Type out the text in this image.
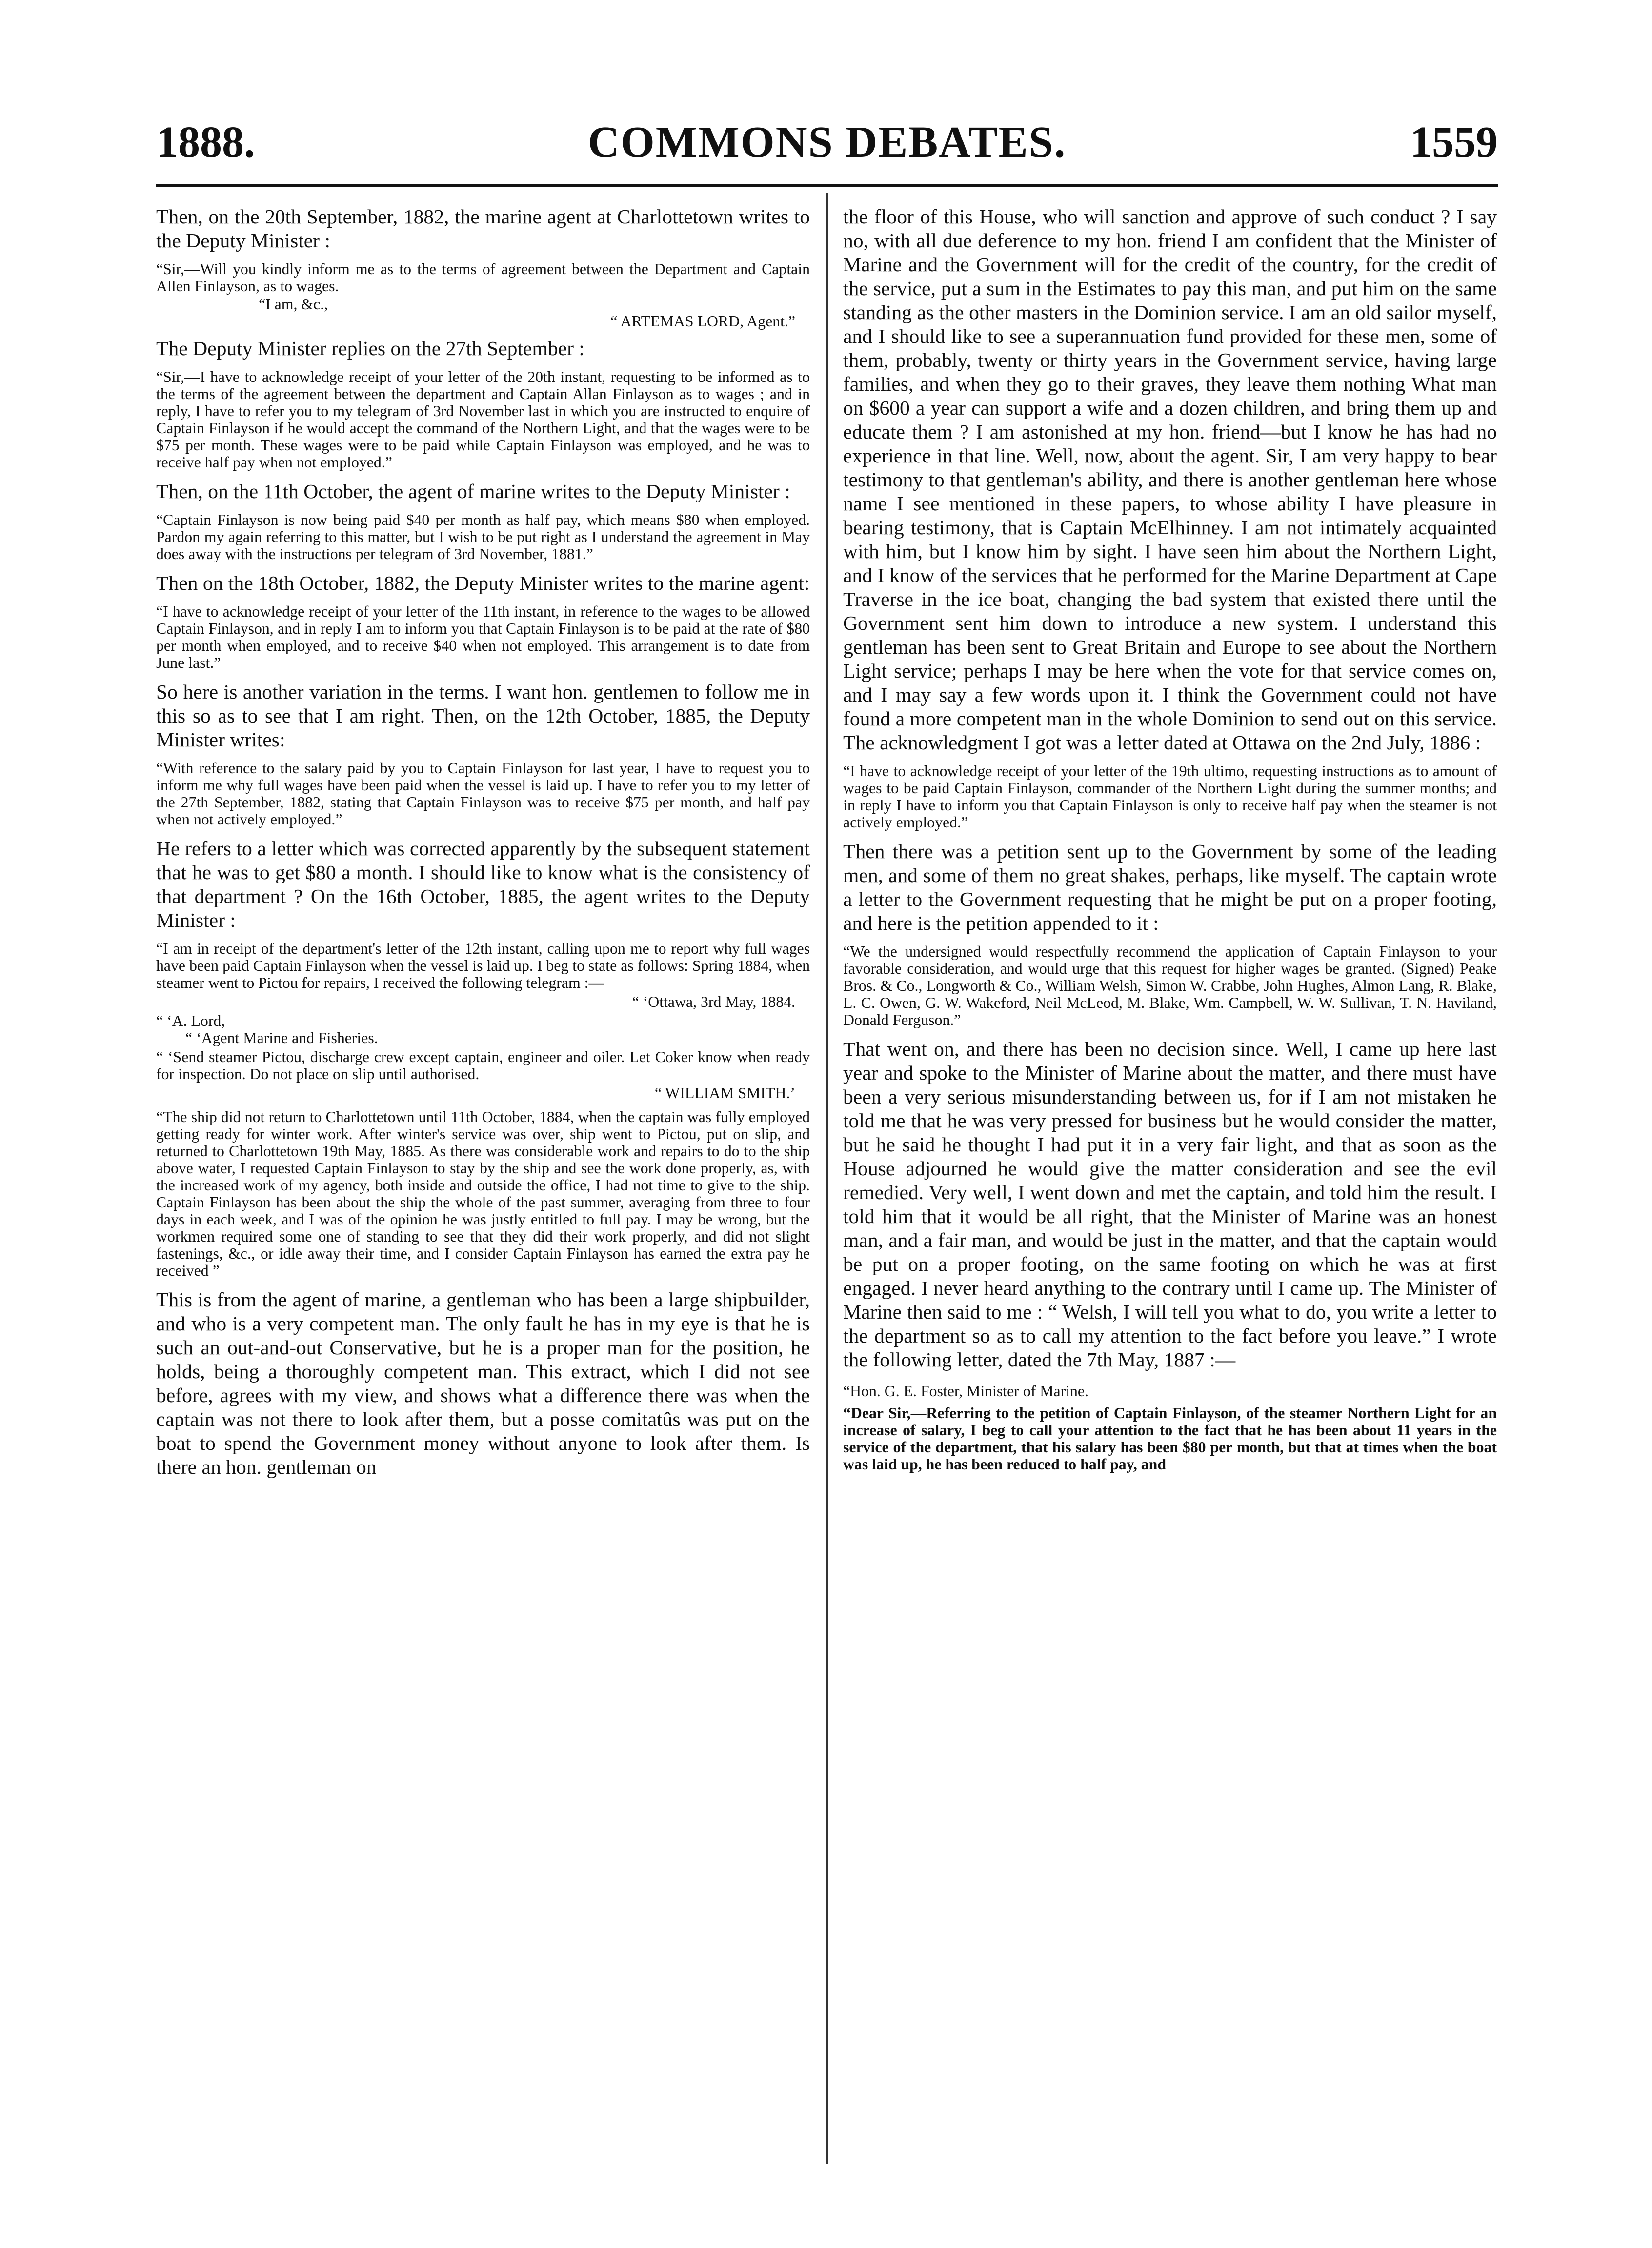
1888.	COMMONS DEBATES.	1559

Then, on the 20th September, 1882, the marine agent at Charlottetown writes to the Deputy Minister :

“Sir,—Will you kindly inform me as to the terms of agreement between the Department and Captain Allen Finlayson, as to wages.

“I am, &c.,

“ ARTEMAS LORD, Agent.”

The Deputy Minister replies on the 27th September :

“Sir,—I have to acknowledge receipt of your letter of the 20th instant, requesting to be informed as to the terms of the agreement between the department and Captain Allan Finlayson as to wages ; and in reply, I have to refer you to my telegram of 3rd November last in which you are instructed to enquire of Captain Finlayson if he would accept the command of the Northern Light, and that the wages were to be $75 per month. These wages were to be paid while Captain Finlayson was employed, and he was to receive half pay when not employed.”

Then, on the 11th October, the agent of marine writes to the Deputy Minister :

“Captain Finlayson is now being paid $40 per month as half pay, which means $80 when employed. Pardon my again referring to this matter, but I wish to be put right as I understand the agreement in May does away with the instructions per telegram of 3rd November, 1881.”

Then on the 18th October, 1882, the Deputy Minister writes to the marine agent:

“I have to acknowledge receipt of your letter of the 11th instant, in reference to the wages to be allowed Captain Finlayson, and in reply I am to inform you that Captain Finlayson is to be paid at the rate of $80 per month when employed, and to receive $40 when not employed. This arrangement is to date from June last.”

So here is another variation in the terms. I want hon. gentlemen to follow me in this so as to see that I am right. Then, on the 12th October, 1885, the Deputy Minister writes:

“With reference to the salary paid by you to Captain Finlayson for last year, I have to request you to inform me why full wages have been paid when the vessel is laid up. I have to refer you to my letter of the 27th September, 1882, stating that Captain Finlayson was to receive $75 per month, and half pay when not actively employed.”

He refers to a letter which was corrected apparently by the subsequent statement that he was to get $80 a month. I should like to know what is the consistency of that department ? On the 16th October, 1885, the agent writes to the Deputy Minister :

“I am in receipt of the department's letter of the 12th instant, calling upon me to report why full wages have been paid Captain Finlayson when the vessel is laid up. I beg to state as follows: Spring 1884, when steamer went to Pictou for repairs, I received the following telegram :—

“ ‘Ottawa, 3rd May, 1884.

“ ‘A. Lord,

“ ‘Agent Marine and Fisheries.

“ ‘Send steamer Pictou, discharge crew except captain, engineer and oiler. Let Coker know when ready for inspection. Do not place on slip until authorised.

“ WILLIAM SMITH.’

“The ship did not return to Charlottetown until 11th October, 1884, when the captain was fully employed getting ready for winter work. After winter's service was over, ship went to Pictou, put on slip, and returned to Charlottetown 19th May, 1885. As there was considerable work and repairs to do to the ship above water, I requested Captain Finlayson to stay by the ship and see the work done properly, as, with the increased work of my agency, both inside and outside the office, I had not time to give to the ship. Captain Finlayson has been about the ship the whole of the past summer, averaging from three to four days in each week, and I was of the opinion he was justly entitled to full pay. I may be wrong, but the workmen required some one of standing to see that they did their work properly, and did not slight fastenings, &c., or idle away their time, and I consider Captain Finlayson has earned the extra pay he received ”

This is from the agent of marine, a gentleman who has been a large shipbuilder, and who is a very competent man. The only fault he has in my eye is that he is such an out-and-out Conservative, but he is a proper man for the position, he holds, being a thoroughly competent man. This extract, which I did not see before, agrees with my view, and shows what a difference there was when the captain was not there to look after them, but a posse comitatûs was put on the boat to spend the Government money without anyone to look after them. Is there an hon. gentleman on

the floor of this House, who will sanction and approve of such conduct ? I say no, with all due deference to my hon. friend I am confident that the Minister of Marine and the Government will for the credit of the country, for the credit of the service, put a sum in the Estimates to pay this man, and put him on the same standing as the other masters in the Dominion service. I am an old sailor myself, and I should like to see a superannuation fund provided for these men, some of them, probably, twenty or thirty years in the Government service, having large families, and when they go to their graves, they leave them nothing What man on $600 a year can support a wife and a dozen children, and bring them up and educate them ? I am astonished at my hon. friend—but I know he has had no experience in that line. Well, now, about the agent. Sir, I am very happy to bear testimony to that gentleman's ability, and there is another gentleman here whose name I see mentioned in these papers, to whose ability I have pleasure in bearing testimony, that is Captain McElhinney. I am not intimately acquainted with him, but I know him by sight. I have seen him about the Northern Light, and I know of the services that he performed for the Marine Department at Cape Traverse in the ice boat, changing the bad system that existed there until the Government sent him down to introduce a new system. I understand this gentleman has been sent to Great Britain and Europe to see about the Northern Light service; perhaps I may be here when the vote for that service comes on, and I may say a few words upon it. I think the Government could not have found a more competent man in the whole Dominion to send out on this service. The acknowledgment I got was a letter dated at Ottawa on the 2nd July, 1886 :

“I have to acknowledge receipt of your letter of the 19th ultimo, requesting instructions as to amount of wages to be paid Captain Finlayson, commander of the Northern Light during the summer months; and in reply I have to inform you that Captain Finlayson is only to receive half pay when the steamer is not actively employed.”

Then there was a petition sent up to the Government by some of the leading men, and some of them no great shakes, perhaps, like myself. The captain wrote a letter to the Government requesting that he might be put on a proper footing, and here is the petition appended to it :

“We the undersigned would respectfully recommend the application of Captain Finlayson to your favorable consideration, and would urge that this request for higher wages be granted. (Signed) Peake Bros. & Co., Longworth & Co., William Welsh, Simon W. Crabbe, John Hughes, Almon Lang, R. Blake, L. C. Owen, G. W. Wakeford, Neil McLeod, M. Blake, Wm. Campbell, W. W. Sullivan, T. N. Haviland, Donald Ferguson.”

That went on, and there has been no decision since. Well, I came up here last year and spoke to the Minister of Marine about the matter, and there must have been a very serious misunderstanding between us, for if I am not mistaken he told me that he was very pressed for business but he would consider the matter, but he said he thought I had put it in a very fair light, and that as soon as the House adjourned he would give the matter consideration and see the evil remedied. Very well, I went down and met the captain, and told him the result. I told him that it would be all right, that the Minister of Marine was an honest man, and a fair man, and would be just in the matter, and that the captain would be put on a proper footing, on the same footing on which he was at first engaged. I never heard anything to the contrary until I came up. The Minister of Marine then said to me : “ Welsh, I will tell you what to do, you write a letter to the department so as to call my attention to the fact before you leave.” I wrote the following letter, dated the 7th May, 1887 :—

“Hon. G. E. Foster, Minister of Marine.

“Dear Sir,—Referring to the petition of Captain Finlayson, of the steamer Northern Light for an increase of salary, I beg to call your attention to the fact that he has been about 11 years in the service of the department, that his salary has been $80 per month, but that at times when the boat was laid up, he has been reduced to half pay, and
